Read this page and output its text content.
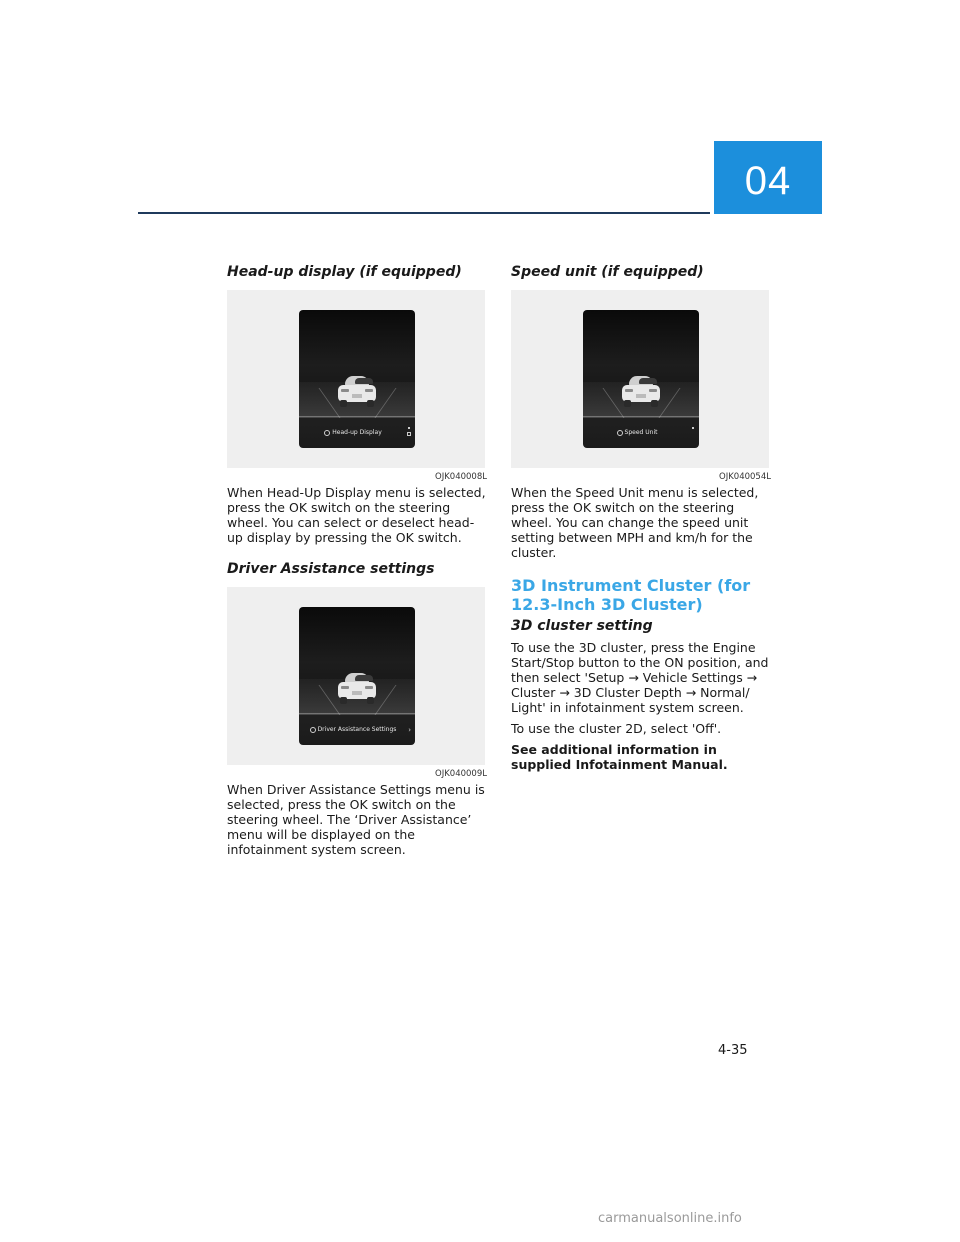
04
Head-up display (if equipped)
Head-up Display
OJK040008L
When Head-Up Display menu is selected, press the OK switch on the steering wheel. You can select or deselect head-up display by pressing the OK switch.
Driver Assistance settings
Driver Assistance Settings	›
OJK040009L
When Driver Assistance Settings menu is selected, press the OK switch on the steering wheel. The ‘Driver Assistance’ menu will be displayed on the infotainment system screen.
Speed unit (if equipped)
Speed Unit
OJK040054L
When the Speed Unit menu is selected, press the OK switch on the steering wheel. You can change the speed unit setting between MPH and km/h for the cluster.
3D Instrument Cluster (for 12.3-Inch 3D Cluster)
3D cluster setting
To use the 3D cluster, press the Engine Start/Stop button to the ON position, and then select 'Setup → Vehicle Settings → Cluster → 3D Cluster Depth → Normal/ Light' in infotainment system screen.
To use the cluster 2D, select 'Off'.
See additional information in supplied Infotainment Manual.
4-35
carmanualsonline.info
